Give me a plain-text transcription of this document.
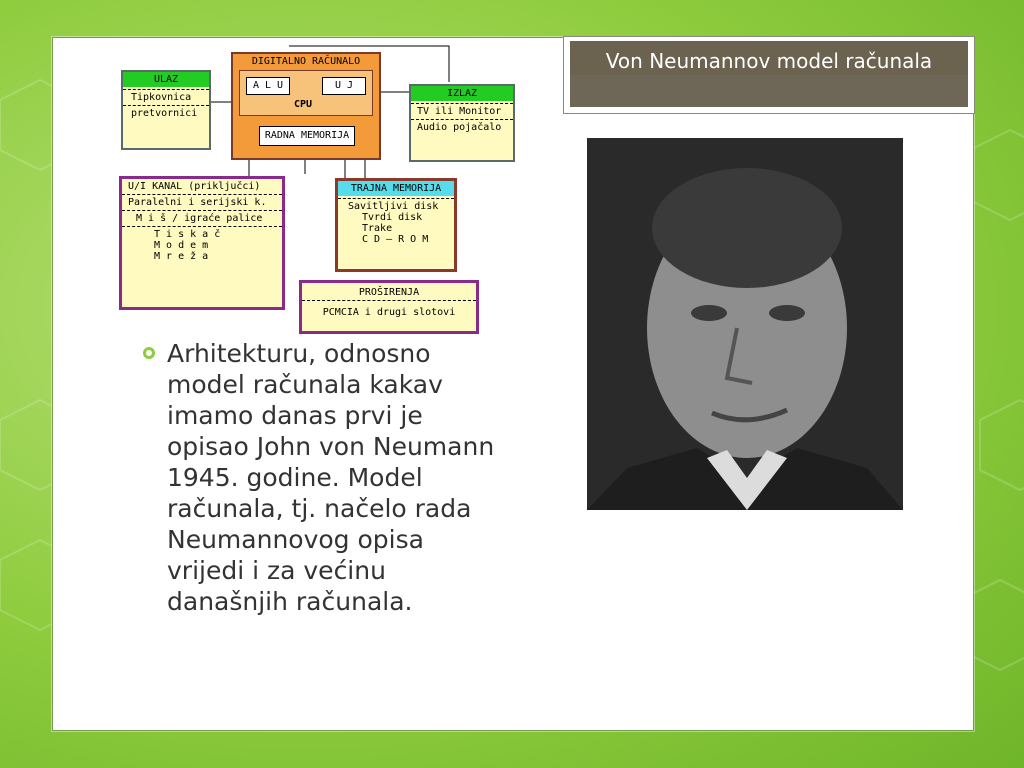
ULAZ
Tipkovnica
pretvornici
DIGITALNO RAČUNALO
A L U	U J
CPU
RADNA MEMORIJA
IZLAZ
TV ili Monitor
Audio pojačalo
U/I KANAL (priključci)
Paralelni i serijski k.
M i š / igraće palice
T i s k a č
M o d e m
M r e ž a
TRAJNA MEMORIJA
Savitljivi disk
Tvrdi disk
Trake
C D – R O M
PROŠIRENJA
PCMCIA i drugi slotovi
Arhitekturu, odnosno model računala kakav imamo danas prvi je opisao John von Neumann 1945. godine. Model računala, tj. načelo rada Neumannovog opisa vrijedi i za većinu današnjih računala.
Von Neumannov model računala
